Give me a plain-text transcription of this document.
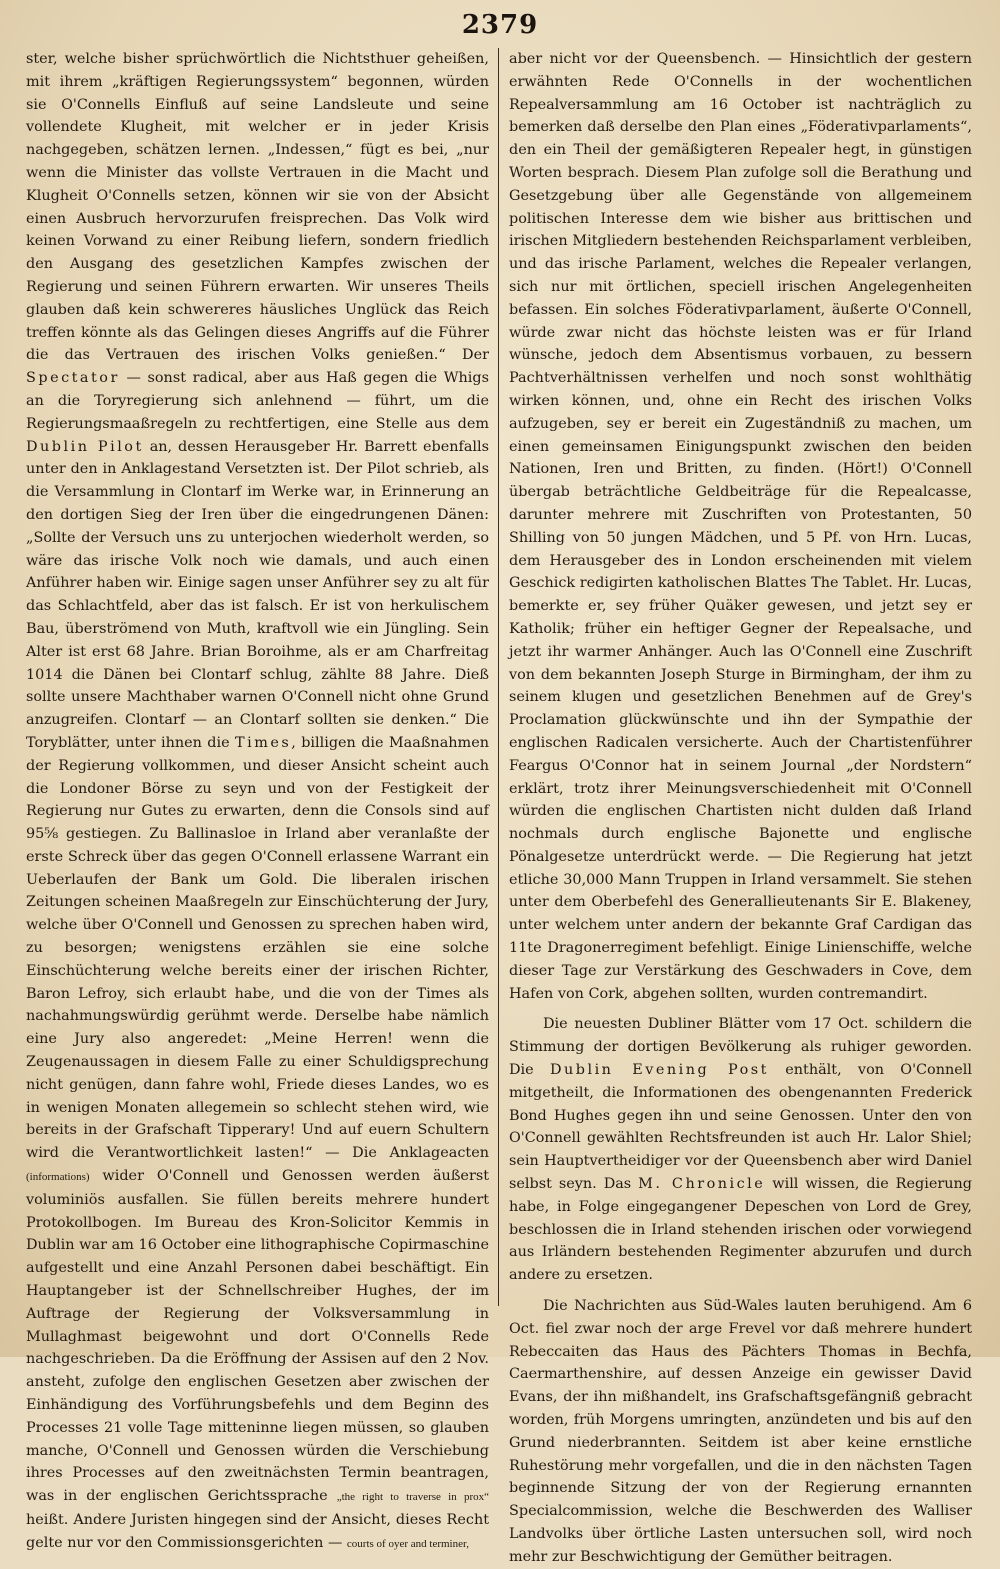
2379

ster, welche bisher sprüchwörtlich die Nichtsthuer geheißen, mit ihrem „kräftigen Regierungssystem“ begonnen, würden sie O'Connells Einfluß auf seine Landsleute und seine vollendete Klugheit, mit welcher er in jeder Krisis nachgegeben, schätzen lernen. „Indessen,“ fügt es bei, „nur wenn die Minister das vollste Vertrauen in die Macht und Klugheit O'Connells setzen, können wir sie von der Absicht einen Ausbruch hervorzurufen freisprechen. Das Volk wird keinen Vorwand zu einer Reibung liefern, sondern friedlich den Ausgang des gesetzlichen Kampfes zwischen der Regierung und seinen Führern erwarten. Wir unseres Theils glauben daß kein schwereres häusliches Unglück das Reich treffen könnte als das Gelingen dieses Angriffs auf die Führer die das Vertrauen des irischen Volks genießen.“ Der Spectator — sonst radical, aber aus Haß gegen die Whigs an die Toryregierung sich anlehnend — führt, um die Regierungsmaaßregeln zu rechtfertigen, eine Stelle aus dem Dublin Pilot an, dessen Herausgeber Hr. Barrett ebenfalls unter den in Anklagestand Versetzten ist. Der Pilot schrieb, als die Versammlung in Clontarf im Werke war, in Erinnerung an den dortigen Sieg der Iren über die eingedrungenen Dänen: „Sollte der Versuch uns zu unterjochen wiederholt werden, so wäre das irische Volk noch wie damals, und auch einen Anführer haben wir. Einige sagen unser Anführer sey zu alt für das Schlachtfeld, aber das ist falsch. Er ist von herkulischem Bau, überströmend von Muth, kraftvoll wie ein Jüngling. Sein Alter ist erst 68 Jahre. Brian Boroihme, als er am Charfreitag 1014 die Dänen bei Clontarf schlug, zählte 88 Jahre. Dieß sollte unsere Machthaber warnen O'Connell nicht ohne Grund anzugreifen. Clontarf — an Clontarf sollten sie denken.“ Die Toryblätter, unter ihnen die Times, billigen die Maaßnahmen der Regierung vollkommen, und dieser Ansicht scheint auch die Londoner Börse zu seyn und von der Festigkeit der Regierung nur Gutes zu erwarten, denn die Consols sind auf 95⅝ gestiegen. Zu Ballinasloe in Irland aber veranlaßte der erste Schreck über das gegen O'Connell erlassene Warrant ein Ueberlaufen der Bank um Gold. Die liberalen irischen Zeitungen scheinen Maaßregeln zur Einschüchterung der Jury, welche über O'Connell und Genossen zu sprechen haben wird, zu besorgen; wenigstens erzählen sie eine solche Einschüchterung welche bereits einer der irischen Richter, Baron Lefroy, sich erlaubt habe, und die von der Times als nachahmungswürdig gerühmt werde. Derselbe habe nämlich eine Jury also angeredet: „Meine Herren! wenn die Zeugenaussagen in diesem Falle zu einer Schuldigsprechung nicht genügen, dann fahre wohl, Friede dieses Landes, wo es in wenigen Monaten allegemein so schlecht stehen wird, wie bereits in der Grafschaft Tipperary! Und auf euern Schultern wird die Verantwortlichkeit lasten!“ — Die Anklageacten (informations) wider O'Connell und Genossen werden äußerst voluminiös ausfallen. Sie füllen bereits mehrere hundert Protokollbogen. Im Bureau des Kron-Solicitor Kemmis in Dublin war am 16 October eine lithographische Copirmaschine aufgestellt und eine Anzahl Personen dabei beschäftigt. Ein Hauptangeber ist der Schnellschreiber Hughes, der im Auftrage der Regierung der Volksversammlung in Mullaghmast beigewohnt und dort O'Connells Rede nachgeschrieben. Da die Eröffnung der Assisen auf den 2 Nov. ansteht, zufolge den englischen Gesetzen aber zwischen der Einhändigung des Vorführungsbefehls und dem Beginn des Processes 21 volle Tage mitteninne liegen müssen, so glauben manche, O'Connell und Genossen würden die Verschiebung ihres Processes auf den zweitnächsten Termin beantragen, was in der englischen Gerichtssprache „the right to traverse in prox“ heißt. Andere Juristen hingegen sind der Ansicht, dieses Recht gelte nur vor den Commissionsgerichten — courts of oyer and terminer,

aber nicht vor der Queensbench. — Hinsichtlich der gestern erwähnten Rede O'Connells in der wochentlichen Repealversammlung am 16 October ist nachträglich zu bemerken daß derselbe den Plan eines „Föderativparlaments“, den ein Theil der gemäßigteren Repealer hegt, in günstigen Worten besprach. Diesem Plan zufolge soll die Berathung und Gesetzgebung über alle Gegenstände von allgemeinem politischen Interesse dem wie bisher aus brittischen und irischen Mitgliedern bestehenden Reichsparlament verbleiben, und das irische Parlament, welches die Repealer verlangen, sich nur mit örtlichen, speciell irischen Angelegenheiten befassen. Ein solches Föderativparlament, äußerte O'Connell, würde zwar nicht das höchste leisten was er für Irland wünsche, jedoch dem Absentismus vorbauen, zu bessern Pachtverhältnissen verhelfen und noch sonst wohlthätig wirken können, und, ohne ein Recht des irischen Volks aufzugeben, sey er bereit ein Zugeständniß zu machen, um einen gemeinsamen Einigungspunkt zwischen den beiden Nationen, Iren und Britten, zu finden. (Hört!) O'Connell übergab beträchtliche Geldbeiträge für die Repealcasse, darunter mehrere mit Zuschriften von Protestanten, 50 Shilling von 50 jungen Mädchen, und 5 Pf. von Hrn. Lucas, dem Herausgeber des in London erscheinenden mit vielem Geschick redigirten katholischen Blattes The Tablet. Hr. Lucas, bemerkte er, sey früher Quäker gewesen, und jetzt sey er Katholik; früher ein heftiger Gegner der Repealsache, und jetzt ihr warmer Anhänger. Auch las O'Connell eine Zuschrift von dem bekannten Joseph Sturge in Birmingham, der ihm zu seinem klugen und gesetzlichen Benehmen auf de Grey's Proclamation glückwünschte und ihn der Sympathie der englischen Radicalen versicherte. Auch der Chartistenführer Feargus O'Connor hat in seinem Journal „der Nordstern“ erklärt, trotz ihrer Meinungsverschiedenheit mit O'Connell würden die englischen Chartisten nicht dulden daß Irland nochmals durch englische Bajonette und englische Pönalgesetze unterdrückt werde. — Die Regierung hat jetzt etliche 30,000 Mann Truppen in Irland versammelt. Sie stehen unter dem Oberbefehl des Generallieutenants Sir E. Blakeney, unter welchem unter andern der bekannte Graf Cardigan das 11te Dragonerregiment befehligt. Einige Linienschiffe, welche dieser Tage zur Verstärkung des Geschwaders in Cove, dem Hafen von Cork, abgehen sollten, wurden contremandirt.

Die neuesten Dubliner Blätter vom 17 Oct. schildern die Stimmung der dortigen Bevölkerung als ruhiger geworden. Die Dublin Evening Post enthält, von O'Connell mitgetheilt, die Informationen des obengenannten Frederick Bond Hughes gegen ihn und seine Genossen. Unter den von O'Connell gewählten Rechtsfreunden ist auch Hr. Lalor Shiel; sein Hauptvertheidiger vor der Queensbench aber wird Daniel selbst seyn. Das M. Chronicle will wissen, die Regierung habe, in Folge eingegangener Depeschen von Lord de Grey, beschlossen die in Irland stehenden irischen oder vorwiegend aus Irländern bestehenden Regimenter abzurufen und durch andere zu ersetzen.

Die Nachrichten aus Süd-Wales lauten beruhigend. Am 6 Oct. fiel zwar noch der arge Frevel vor daß mehrere hundert Rebeccaiten das Haus des Pächters Thomas in Bechfa, Caermarthenshire, auf dessen Anzeige ein gewisser David Evans, der ihn mißhandelt, ins Grafschaftsgefängniß gebracht worden, früh Morgens umringten, anzündeten und bis auf den Grund niederbrannten. Seitdem ist aber keine ernstliche Ruhestörung mehr vorgefallen, und die in den nächsten Tagen beginnende Sitzung der von der Regierung ernannten Specialcommission, welche die Beschwerden des Walliser Landvolks über örtliche Lasten untersuchen soll, wird noch mehr zur Beschwichtigung der Gemüther beitragen.
